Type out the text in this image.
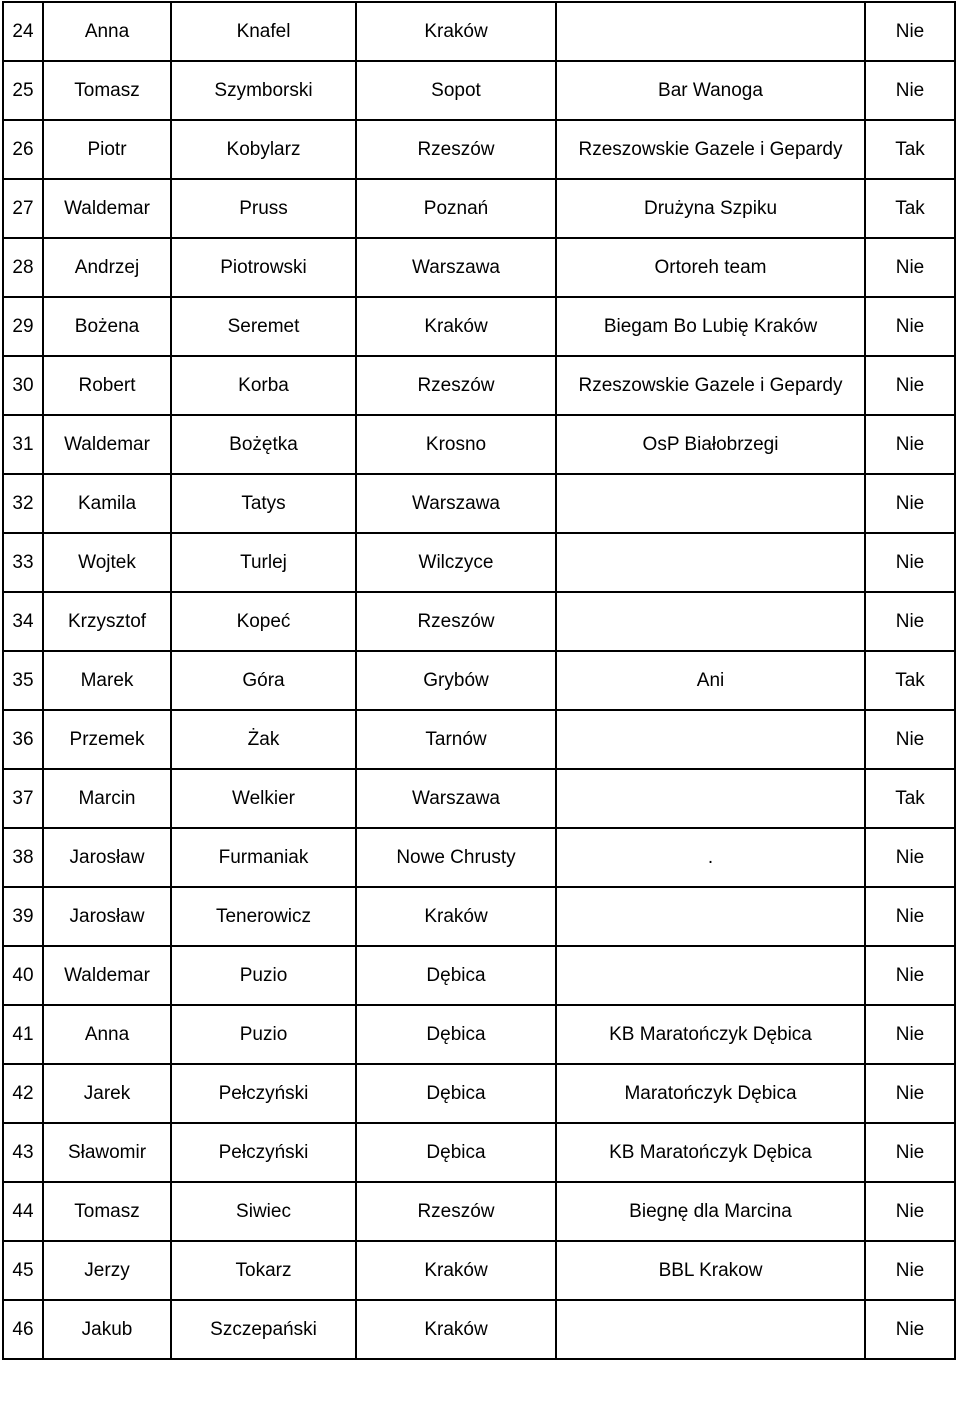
24	Anna	Knafel	Kraków		Nie
25	Tomasz	Szymborski	Sopot	Bar Wanoga	Nie
26	Piotr	Kobylarz	Rzeszów	Rzeszowskie Gazele i Gepardy	Tak
27	Waldemar	Pruss	Poznań	Drużyna Szpiku	Tak
28	Andrzej	Piotrowski	Warszawa	Ortoreh team	Nie
29	Bożena	Seremet	Kraków	Biegam Bo Lubię Kraków	Nie
30	Robert	Korba	Rzeszów	Rzeszowskie Gazele i Gepardy	Nie
31	Waldemar	Bożętka	Krosno	OsP Białobrzegi	Nie
32	Kamila	Tatys	Warszawa		Nie
33	Wojtek	Turlej	Wilczyce		Nie
34	Krzysztof	Kopeć	Rzeszów		Nie
35	Marek	Góra	Grybów	Ani	Tak
36	Przemek	Żak	Tarnów		Nie
37	Marcin	Welkier	Warszawa		Tak
38	Jarosław	Furmaniak	Nowe Chrusty	.	Nie
39	Jarosław	Tenerowicz	Kraków		Nie
40	Waldemar	Puzio	Dębica		Nie
41	Anna	Puzio	Dębica	KB Maratończyk Dębica	Nie
42	Jarek	Pełczyński	Dębica	Maratończyk Dębica	Nie
43	Sławomir	Pełczyński	Dębica	KB Maratończyk Dębica	Nie
44	Tomasz	Siwiec	Rzeszów	Biegnę dla Marcina	Nie
45	Jerzy	Tokarz	Kraków	BBL Krakow	Nie
46	Jakub	Szczepański	Kraków		Nie
